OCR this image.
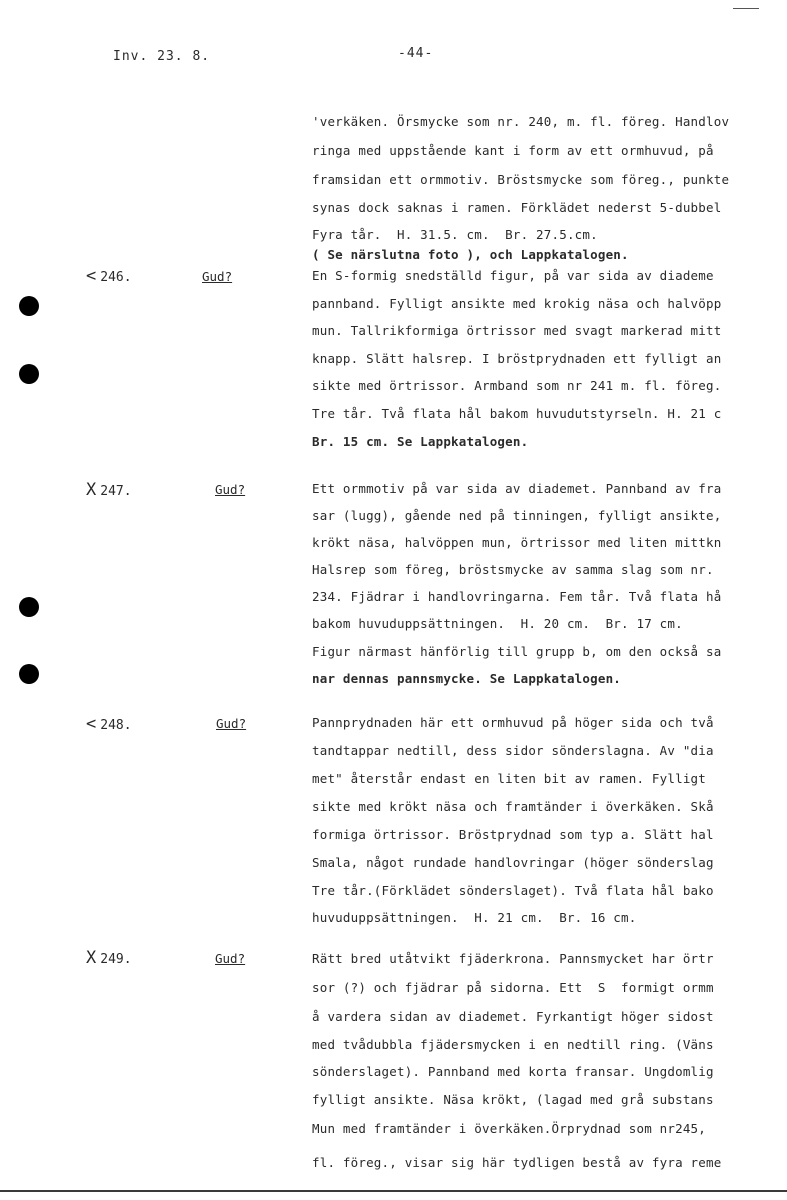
Inv. 23. 8.	-44-
'verkäken. Örsmycke som nr. 240, m. fl. föreg. Handlov
ringa med uppstående kant i form av ett ormhuvud, på
framsidan ett ormmotiv. Bröstsmycke som föreg., punkte
synas dock saknas i ramen. Förklädet nederst 5-dubbel
Fyra tår.  H. 31.5. cm.  Br. 27.5.cm.
( Se närslutna foto ), och Lappkatalogen.
< 246.	Gud?	En S-formig snedställd figur, på var sida av diademe
pannband. Fylligt ansikte med krokig näsa och halvöpp
mun. Tallrikformiga örtrissor med svagt markerad mitt
knapp. Slätt halsrep. I bröstprydnaden ett fylligt an
sikte med örtrissor. Armband som nr 241 m. fl. föreg.
Tre tår. Två flata hål bakom huvudutstyrseln. H. 21 c
Br. 15 cm. Se Lappkatalogen.
X 247.	Gud?	Ett ormmotiv på var sida av diademet. Pannband av fra
sar (lugg), gående ned på tinningen, fylligt ansikte,
krökt näsa, halvöppen mun, örtrissor med liten mittkn
Halsrep som föreg, bröstsmycke av samma slag som nr.
234. Fjädrar i handlovringarna. Fem tår. Två flata hå
bakom huvuduppsättningen.  H. 20 cm.  Br. 17 cm.
Figur närmast hänförlig till grupp b, om den också sa
nar dennas pannsmycke. Se Lappkatalogen.
< 248.	Gud?	Pannprydnaden här ett ormhuvud på höger sida och två
tandtappar nedtill, dess sidor sönderslagna. Av "dia
met" återstår endast en liten bit av ramen. Fylligt
sikte med krökt näsa och framtänder i överkäken. Skå
formiga örtrissor. Bröstprydnad som typ a. Slätt hal
Smala, något rundade handlovringar (höger sönderslag
Tre tår.(Förklädet sönderslaget). Två flata hål bako
huvuduppsättningen.  H. 21 cm.  Br. 16 cm.
X 249.	Gud?	Rätt bred utåtvikt fjäderkrona. Pannsmycket har örtr
sor (?) och fjädrar på sidorna. Ett  S  formigt ormm
å vardera sidan av diademet. Fyrkantigt höger sidost
med tvådubbla fjädersmycken i en nedtill ring. (Väns
sönderslaget). Pannband med korta fransar. Ungdomlig
fylligt ansikte. Näsa krökt, (lagad med grå substans
Mun med framtänder i överkäken.Örprydnad som nr245,
fl. föreg., visar sig här tydligen bestå av fyra reme
